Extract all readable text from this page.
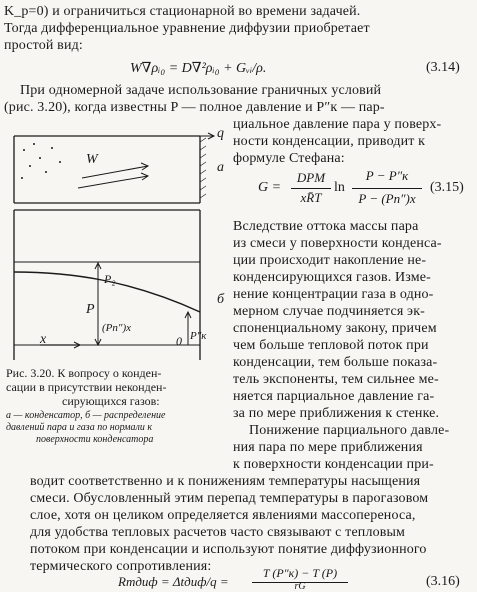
K_р=0) и ограничиться стационарной во времени задачей.
Тогда дифференциальное уравнение диффузии приобретает
простой вид:
W∇ρᵢ₀ = D∇²ρᵢ₀ + Gᵥᵢ/ρ.	(3.14)
При одномерной задаче использование граничных условий
(рис. 3.20), когда известны P — полное давление и P″к — пар-
циальное давление пара у поверх-
ности конденсации, приводит к
формуле Стефана:
G =
DPM
xR̄T
ln
P − P″к
P − (Pп″)x
(3.15)
Вследствие оттока массы пара
из смеси у поверхности конденса-
ции происходит накопление не-
конденсирующихся газов. Изме-
нение концентрации газа в одно-
мерном случае подчиняется эк-
споненциальному закону, причем
чем больше тепловой поток при
конденсации, тем больше показа-
тель экспоненты, тем сильнее ме-
няется парциальное давление га-
за по мере приближения к стенке.
Понижение парциального давле-
ния пара по мере приближения
к поверхности конденсации при-
q
W
a
б
P₂
P
(Pп″)x
P″к
x	0
Рис. 3.20. К вопросу о конден-
сации в присутствии неконден-
сирующихся газов:
а — конденсатор, б — распределение
давлений пара и газа по нормали к
поверхности конденсатора
водит соответственно и к понижениям температуры насыщения
смеси. Обусловленный этим перепад температуры в парогазовом
слое, хотя он целиком определяется явлениями массопереноса,
для удобства тепловых расчетов часто связывают с тепловым
потоком при конденсации и используют понятие диффузионного
термического сопротивления:
Rтдиф = Δtдиф/q =
T (P″к) − T (P)
rG	(3.16)
